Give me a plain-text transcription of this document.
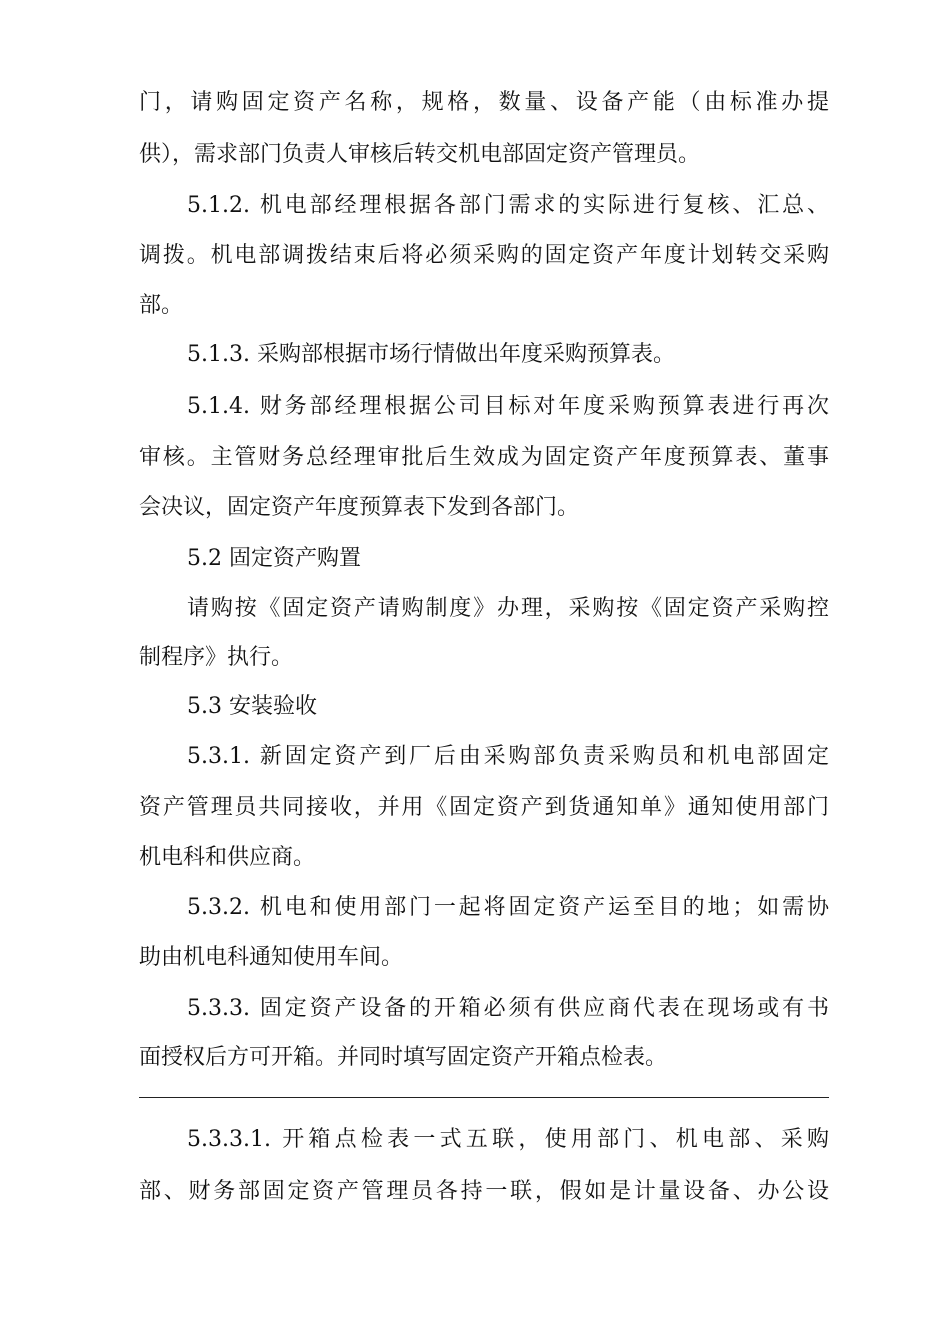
门，请购固定资产名称，规格，数量、设备产能（由标准办提
供），需求部门负责人审核后转交机电部固定资产管理员。
5.1.2. 机电部经理根据各部门需求的实际进行复核、汇总、
调拨。机电部调拨结束后将必须采购的固定资产年度计划转交采购
部。
5.1.3. 采购部根据市场行情做出年度采购预算表。
5.1.4. 财务部经理根据公司目标对年度采购预算表进行再次
审核。主管财务总经理审批后生效成为固定资产年度预算表、董事
会决议，固定资产年度预算表下发到各部门。
5.2 固定资产购置
请购按《固定资产请购制度》办理，采购按《固定资产采购控
制程序》执行。
5.3 安装验收
5.3.1. 新固定资产到厂后由采购部负责采购员和机电部固定
资产管理员共同接收，并用《固定资产到货通知单》通知使用部门
机电科和供应商。
5.3.2. 机电和使用部门一起将固定资产运至目的地；如需协
助由机电科通知使用车间。
5.3.3. 固定资产设备的开箱必须有供应商代表在现场或有书
面授权后方可开箱。并同时填写固定资产开箱点检表。
5.3.3.1. 开箱点检表一式五联，使用部门、机电部、采购
部、财务部固定资产管理员各持一联，假如是计量设备、办公设
